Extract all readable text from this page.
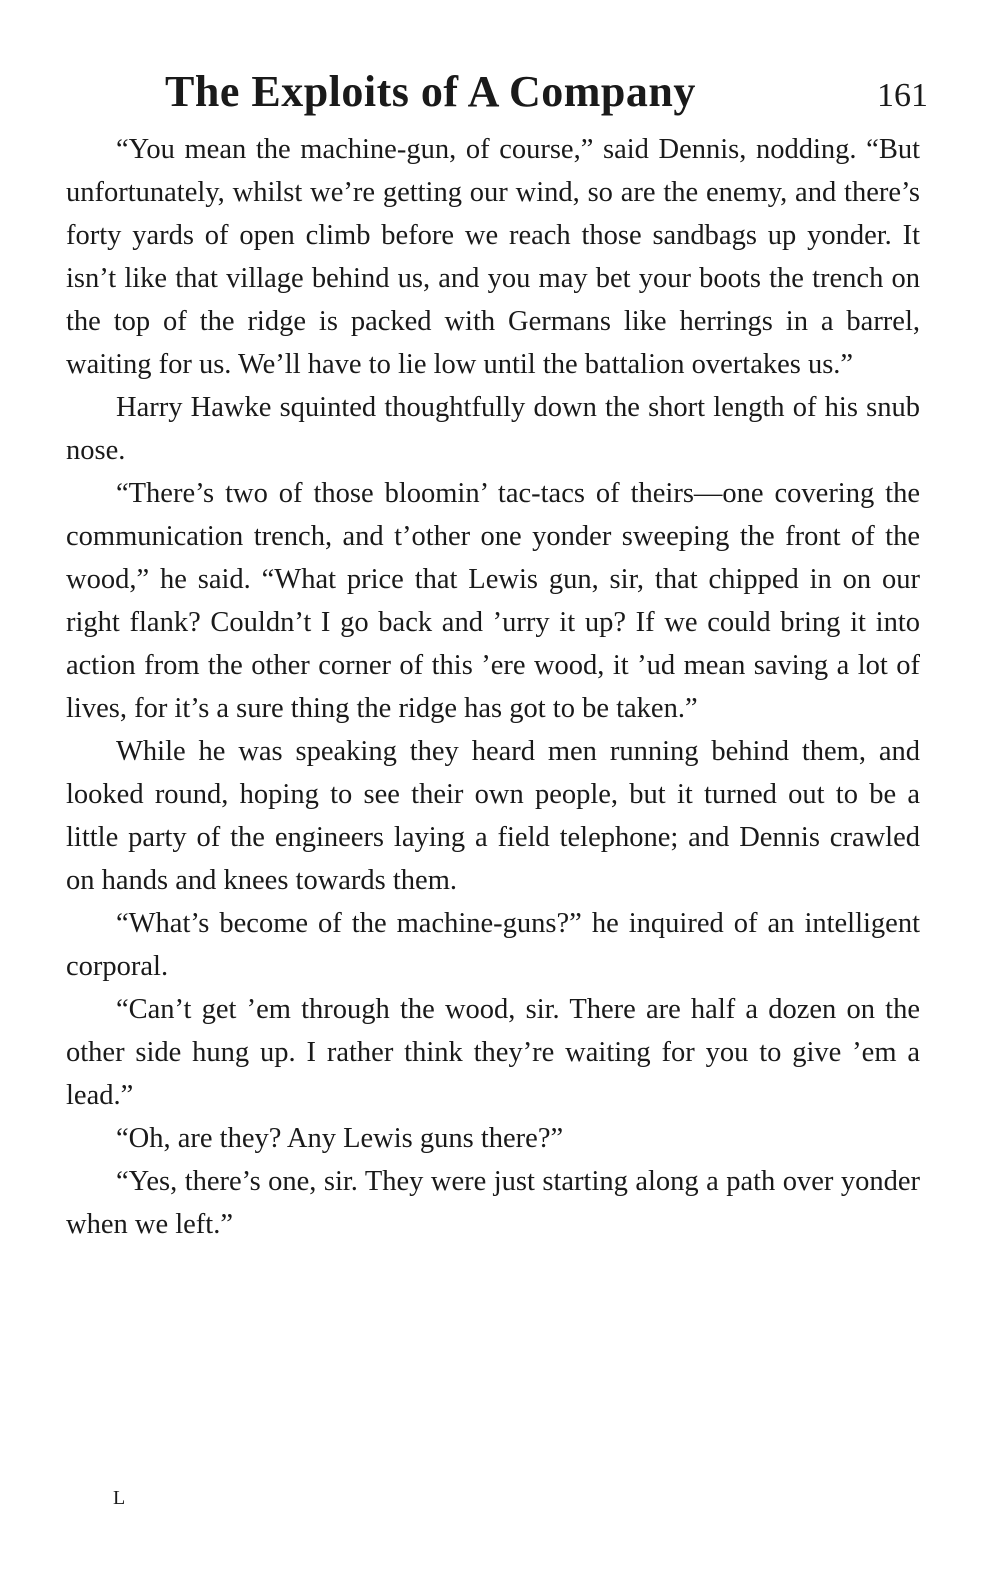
The Exploits of A Company	161

“You mean the machine-gun, of course,” said Dennis, nodding. “But unfortunately, whilst we’re getting our wind, so are the enemy, and there’s forty yards of open climb before we reach those sandbags up yonder. It isn’t like that village behind us, and you may bet your boots the trench on the top of the ridge is packed with Germans like herrings in a barrel, waiting for us. We’ll have to lie low until the battalion overtakes us.”

Harry Hawke squinted thoughtfully down the short length of his snub nose.

“There’s two of those bloomin’ tac-tacs of theirs—one covering the communication trench, and t’other one yonder sweeping the front of the wood,” he said. “What price that Lewis gun, sir, that chipped in on our right flank? Couldn’t I go back and ’urry it up? If we could bring it into action from the other corner of this ’ere wood, it ’ud mean saving a lot of lives, for it’s a sure thing the ridge has got to be taken.”

While he was speaking they heard men running behind them, and looked round, hoping to see their own people, but it turned out to be a little party of the engineers laying a field telephone; and Dennis crawled on hands and knees towards them.

“What’s become of the machine-guns?” he inquired of an intelligent corporal.

“Can’t get ’em through the wood, sir. There are half a dozen on the other side hung up. I rather think they’re waiting for you to give ’em a lead.”

“Oh, are they? Any Lewis guns there?”

“Yes, there’s one, sir. They were just starting along a path over yonder when we left.”

L
